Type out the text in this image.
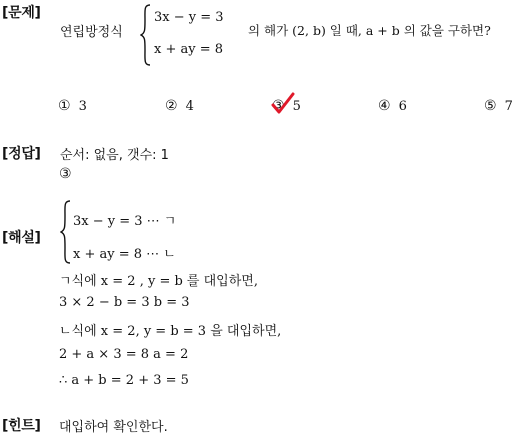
[문제]
연립방정식
3x − y = 3
x + ay = 8
의 해가 (2, b) 일 때, a + b 의 값을 구하면?
① 3	② 4	③ 5	④ 6	⑤ 7
[정답] 순서: 없음, 갯수: 1
③
[해설]
3x − y = 3 ⋯ ㄱ
x + ay = 8 ⋯ ㄴ
ㄱ식에 x = 2 , y = b 를 대입하면,
3 × 2 − b = 3 b = 3
ㄴ식에 x = 2, y = b = 3 을 대입하면,
2 + a × 3 = 8 a = 2
∴ a + b = 2 + 3 = 5
[힌트] 대입하여 확인한다.
